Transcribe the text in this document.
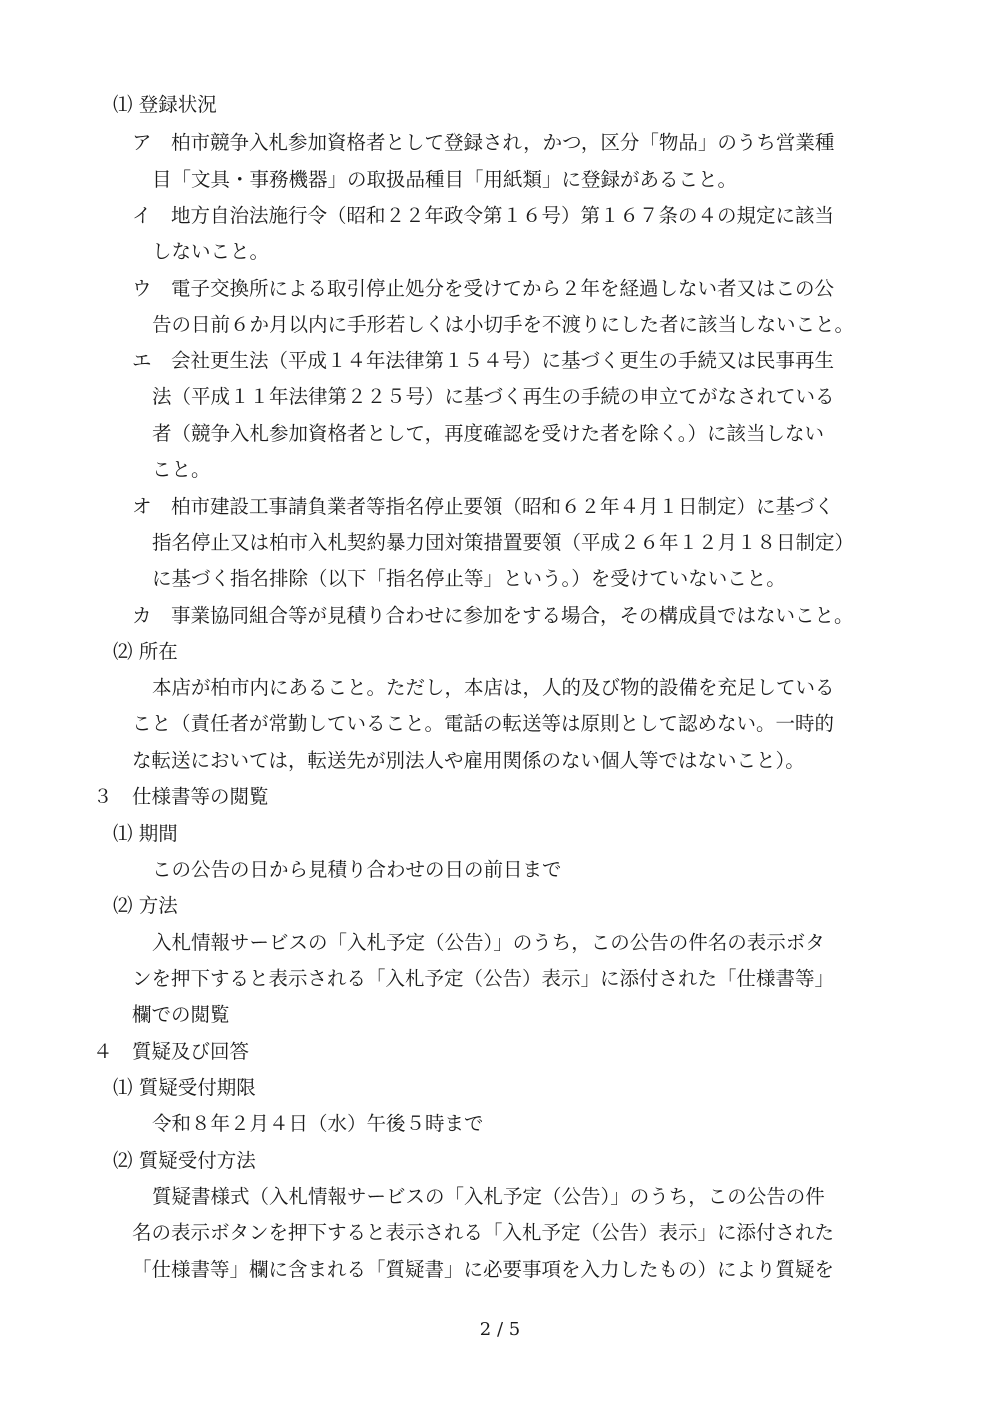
⑴ 登録状況
ア　柏市競争入札参加資格者として登録され，かつ，区分「物品」のうち営業種
目「文具・事務機器」の取扱品種目「用紙類」に登録があること。
イ　地方自治法施行令（昭和２２年政令第１６号）第１６７条の４の規定に該当
しないこと。
ウ　電子交換所による取引停止処分を受けてから２年を経過しない者又はこの公
告の日前６か月以内に手形若しくは小切手を不渡りにした者に該当しないこと。
エ　会社更生法（平成１４年法律第１５４号）に基づく更生の手続又は民事再生
法（平成１１年法律第２２５号）に基づく再生の手続の申立てがなされている
者（競争入札参加資格者として，再度確認を受けた者を除く。）に該当しない
こと。
オ　柏市建設工事請負業者等指名停止要領（昭和６２年４月１日制定）に基づく
指名停止又は柏市入札契約暴力団対策措置要領（平成２６年１２月１８日制定）
に基づく指名排除（以下「指名停止等」という。）を受けていないこと。
カ　事業協同組合等が見積り合わせに参加をする場合，その構成員ではないこと。
⑵ 所在
本店が柏市内にあること。ただし，本店は，人的及び物的設備を充足している
こと（責任者が常勤していること。電話の転送等は原則として認めない。一時的
な転送においては，転送先が別法人や雇用関係のない個人等ではないこと）。
３　仕様書等の閲覧
⑴ 期間
この公告の日から見積り合わせの日の前日まで
⑵ 方法
入札情報サービスの「入札予定（公告）」のうち，この公告の件名の表示ボタ
ンを押下すると表示される「入札予定（公告）表示」に添付された「仕様書等」
欄での閲覧
４　質疑及び回答
⑴ 質疑受付期限
令和８年２月４日（水）午後５時まで
⑵ 質疑受付方法
質疑書様式（入札情報サービスの「入札予定（公告）」のうち，この公告の件
名の表示ボタンを押下すると表示される「入札予定（公告）表示」に添付された
「仕様書等」欄に含まれる「質疑書」に必要事項を入力したもの）により質疑を
2 / 5
